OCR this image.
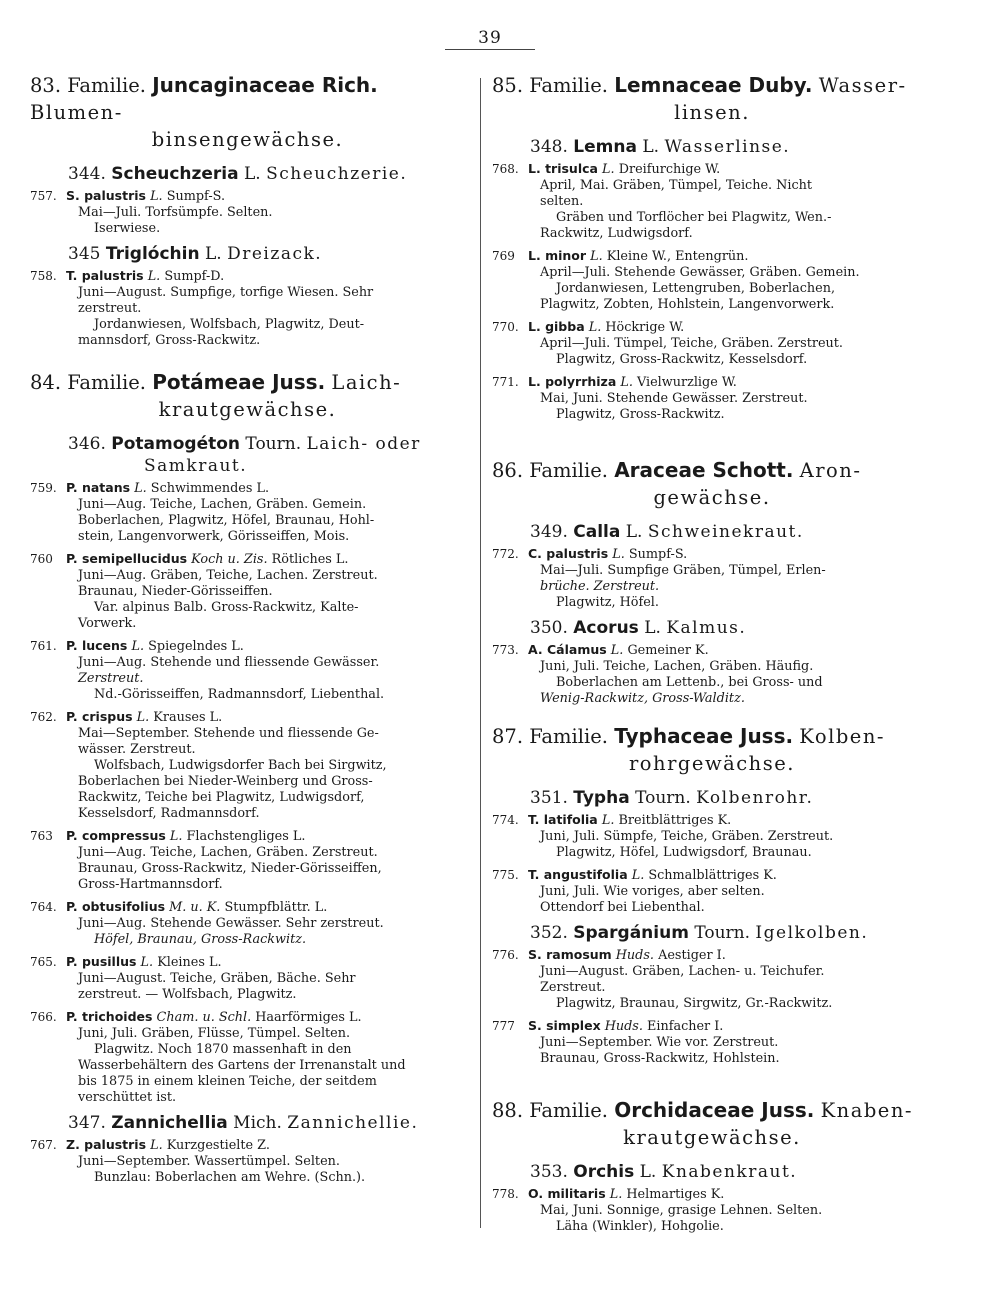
39
83. Familie. Juncaginaceae Rich. Blumen-
binsengewächse.
344. Scheuchzeria L. Scheuchzerie.
757. S. palustris L. Sumpf-S.
Mai—Juli. Torfsümpfe. Selten.
Iserwiese.
345 Triglóchin L. Dreizack.
758. T. palustris L. Sumpf-D.
Juni—August. Sumpfige, torfige Wiesen. Sehr
zerstreut.
Jordanwiesen, Wolfsbach, Plagwitz, Deut-
mannsdorf, Gross-Rackwitz.
84. Familie. Potámeae Juss. Laich-
krautgewächse.
346. Potamogéton Tourn. Laich- oder
Samkraut.
759. P. natans L. Schwimmendes L.
Juni—Aug. Teiche, Lachen, Gräben. Gemein.
Boberlachen, Plagwitz, Höfel, Braunau, Hohl-
stein, Langenvorwerk, Görisseiffen, Mois.
760 P. semipellucidus Koch u. Zis. Rötliches L.
Juni—Aug. Gräben, Teiche, Lachen. Zerstreut.
Braunau, Nieder-Görisseiffen.
Var. alpinus Balb. Gross-Rackwitz, Kalte-
Vorwerk.
761. P. lucens L. Spiegelndes L.
Juni—Aug. Stehende und fliessende Gewässer.
Zerstreut.
Nd.-Görisseiffen, Radmannsdorf, Liebenthal.
762. P. crispus L. Krauses L.
Mai—September. Stehende und fliessende Ge-
wässer. Zerstreut.
Wolfsbach, Ludwigsdorfer Bach bei Sirgwitz,
Boberlachen bei Nieder-Weinberg und Gross-
Rackwitz, Teiche bei Plagwitz, Ludwigsdorf,
Kesselsdorf, Radmannsdorf.
763 P. compressus L. Flachstengliges L.
Juni—Aug. Teiche, Lachen, Gräben. Zerstreut.
Braunau, Gross-Rackwitz, Nieder-Görisseiffen,
Gross-Hartmannsdorf.
764. P. obtusifolius M. u. K. Stumpfblättr. L.
Juni—Aug. Stehende Gewässer. Sehr zerstreut.
Höfel, Braunau, Gross-Rackwitz.
765. P. pusillus L. Kleines L.
Juni—August. Teiche, Gräben, Bäche. Sehr
zerstreut. — Wolfsbach, Plagwitz.
766. P. trichoides Cham. u. Schl. Haarförmiges L.
Juni, Juli. Gräben, Flüsse, Tümpel. Selten.
Plagwitz. Noch 1870 massenhaft in den
Wasserbehältern des Gartens der Irrenanstalt und
bis 1875 in einem kleinen Teiche, der seitdem
verschüttet ist.
347. Zannichellia Mich. Zannichellie.
767. Z. palustris L. Kurzgestielte Z.
Juni—September. Wassertümpel. Selten.
Bunzlau: Boberlachen am Wehre. (Schn.).
85. Familie. Lemnaceae Duby. Wasser-
linsen.
348. Lemna L. Wasserlinse.
768. L. trisulca L. Dreifurchige W.
April, Mai. Gräben, Tümpel, Teiche. Nicht
selten.
Gräben und Torflöcher bei Plagwitz, Wen.-
Rackwitz, Ludwigsdorf.
769 L. minor L. Kleine W., Entengrün.
April—Juli. Stehende Gewässer, Gräben. Gemein.
Jordanwiesen, Lettengruben, Boberlachen,
Plagwitz, Zobten, Hohlstein, Langenvorwerk.
770. L. gibba L. Höckrige W.
April—Juli. Tümpel, Teiche, Gräben. Zerstreut.
Plagwitz, Gross-Rackwitz, Kesselsdorf.
771. L. polyrrhiza L. Vielwurzlige W.
Mai, Juni. Stehende Gewässer. Zerstreut.
Plagwitz, Gross-Rackwitz.
86. Familie. Araceae Schott. Aron-
gewächse.
349. Calla L. Schweinekraut.
772. C. palustris L. Sumpf-S.
Mai—Juli. Sumpfige Gräben, Tümpel, Erlen-
brüche. Zerstreut.
Plagwitz, Höfel.
350. Acorus L. Kalmus.
773. A. Cálamus L. Gemeiner K.
Juni, Juli. Teiche, Lachen, Gräben. Häufig.
Boberlachen am Lettenb., bei Gross- und
Wenig-Rackwitz, Gross-Walditz.
87. Familie. Typhaceae Juss. Kolben-
rohrgewächse.
351. Typha Tourn. Kolbenrohr.
774. T. latifolia L. Breitblättriges K.
Juni, Juli. Sümpfe, Teiche, Gräben. Zerstreut.
Plagwitz, Höfel, Ludwigsdorf, Braunau.
775. T. angustifolia L. Schmalblättriges K.
Juni, Juli. Wie voriges, aber selten.
Ottendorf bei Liebenthal.
352. Spargánium Tourn. Igelkolben.
776. S. ramosum Huds. Aestiger I.
Juni—August. Gräben, Lachen- u. Teichufer.
Zerstreut.
Plagwitz, Braunau, Sirgwitz, Gr.-Rackwitz.
777 S. simplex Huds. Einfacher I.
Juni—September. Wie vor. Zerstreut.
Braunau, Gross-Rackwitz, Hohlstein.
88. Familie. Orchidaceae Juss. Knaben-
krautgewächse.
353. Orchis L. Knabenkraut.
778. O. militaris L. Helmartiges K.
Mai, Juni. Sonnige, grasige Lehnen. Selten.
Läha (Winkler), Hohgolie.
